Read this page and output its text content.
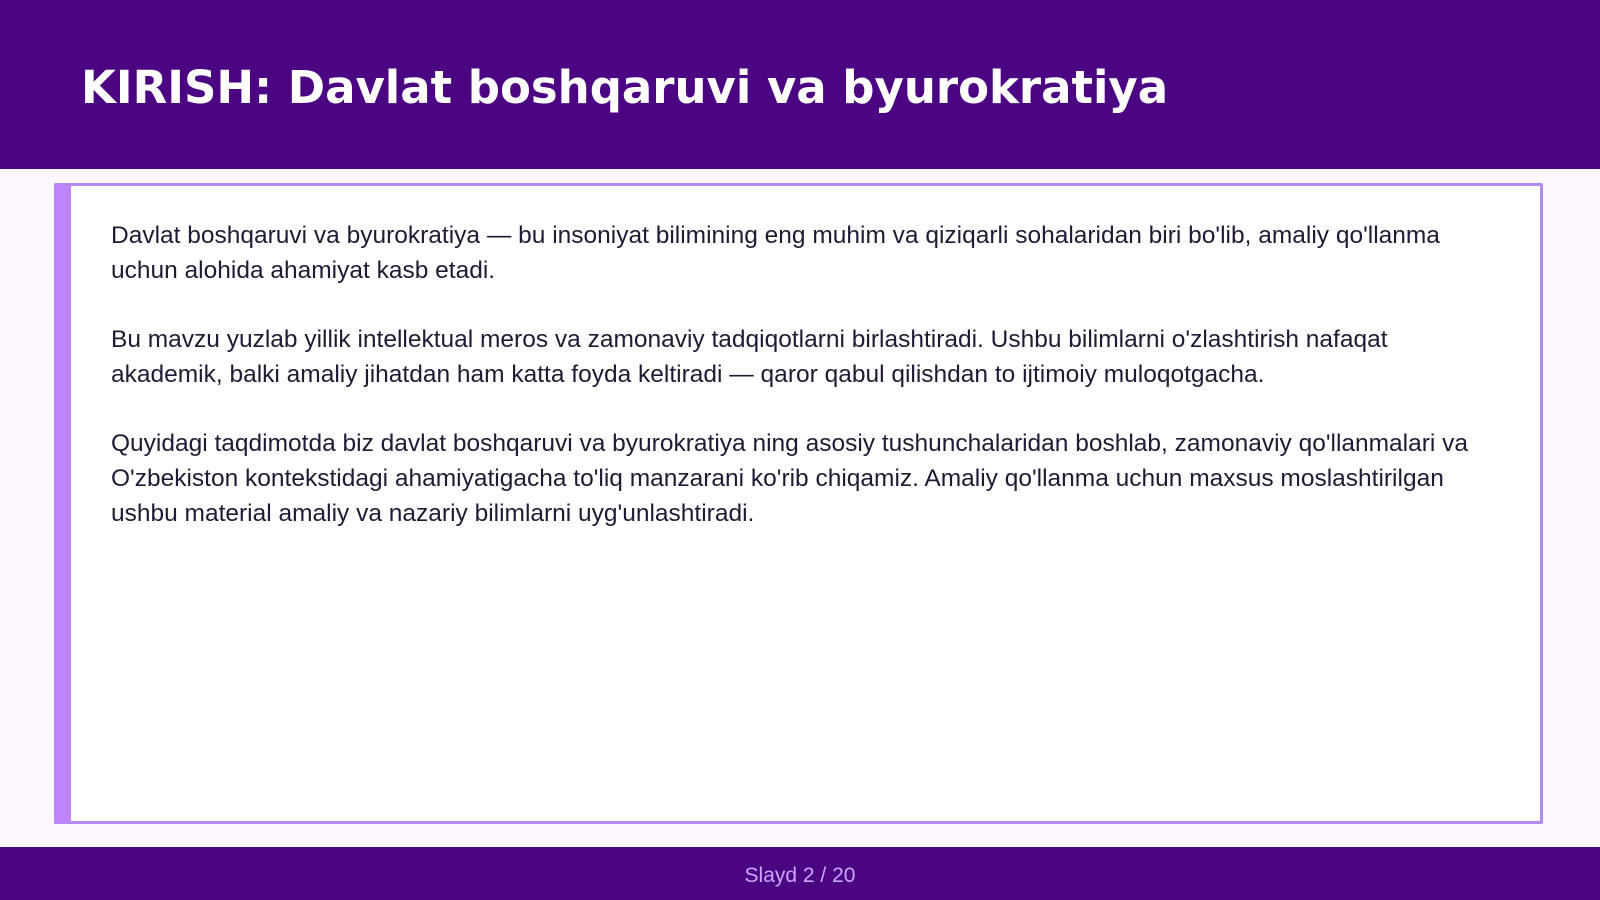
KIRISH: Davlat boshqaruvi va byurokratiya

Davlat boshqaruvi va byurokratiya — bu insoniyat bilimining eng muhim va qiziqarli sohalaridan biri bo'lib, amaliy qo'llanma uchun alohida ahamiyat kasb etadi.

Bu mavzu yuzlab yillik intellektual meros va zamonaviy tadqiqotlarni birlashtiradi. Ushbu bilimlarni o'zlashtirish nafaqat akademik, balki amaliy jihatdan ham katta foyda keltiradi — qaror qabul qilishdan to ijtimoiy muloqotgacha.

Quyidagi taqdimotda biz davlat boshqaruvi va byurokratiya ning asosiy tushunchalaridan boshlab, zamonaviy qo'llanmalari va O'zbekiston kontekstidagi ahamiyatigacha to'liq manzarani ko'rib chiqamiz. Amaliy qo'llanma uchun maxsus moslashtirilgan ushbu material amaliy va nazariy bilimlarni uyg'unlashtiradi.

Slayd 2 / 20
